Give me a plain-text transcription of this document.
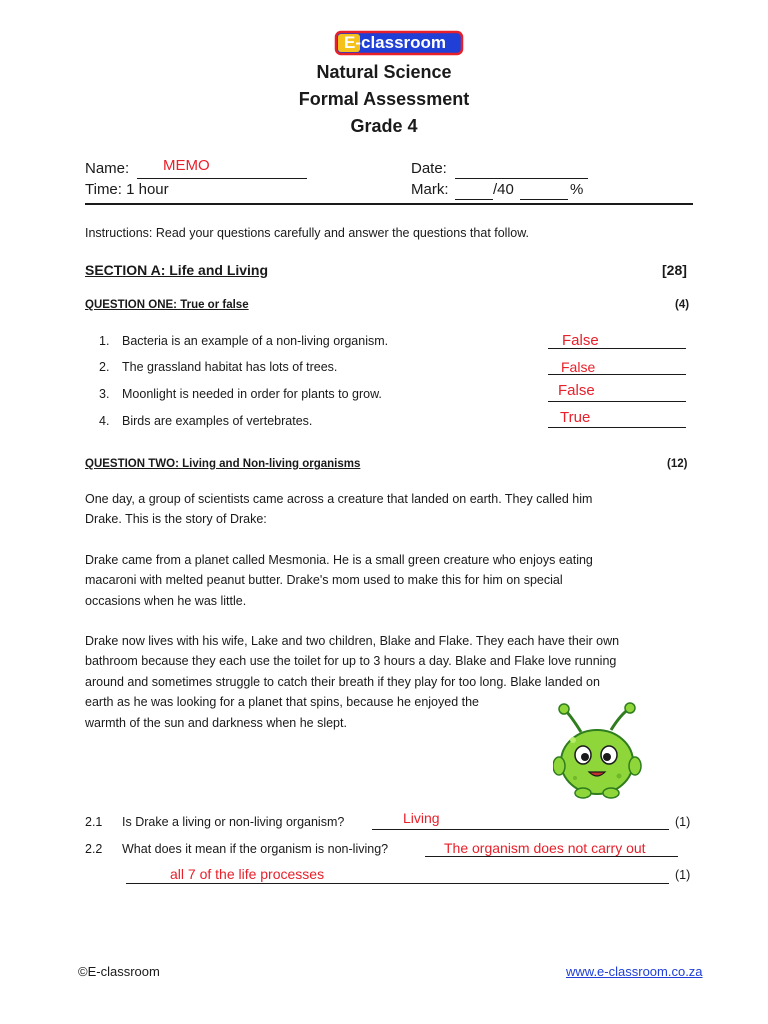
E-classroom
Natural Science
Formal Assessment
Grade 4
Name: MEMO	Date:
Time: 1 hour	Mark:	/40	%
Instructions: Read your questions carefully and answer the questions that follow.
SECTION A: Life and Living	[28]
QUESTION ONE: True or false	(4)
1. Bacteria is an example of a non-living organism.	False
2. The grassland habitat has lots of trees.	False
3. Moonlight is needed in order for plants to grow.	False
4. Birds are examples of vertebrates.	True
QUESTION TWO: Living and Non-living organisms	(12)
One day, a group of scientists came across a creature that landed on earth. They called him
Drake. This is the story of Drake:
Drake came from a planet called Mesmonia. He is a small green creature who enjoys eating
macaroni with melted peanut butter. Drake's mom used to make this for him on special
occasions when he was little.
Drake now lives with his wife, Lake and two children, Blake and Flake. They each have their own
bathroom because they each use the toilet for up to 3 hours a day. Blake and Flake love running
around and sometimes struggle to catch their breath if they play for too long. Blake landed on
earth as he was looking for a planet that spins, because he enjoyed the
warmth of the sun and darkness when he slept.
2.1 Is Drake a living or non-living organism?	Living	(1)
2.2 What does it mean if the organism is non-living?	The organism does not carry out
all 7 of the life processes	(1)
©E-classroom	www.e-classroom.co.za
